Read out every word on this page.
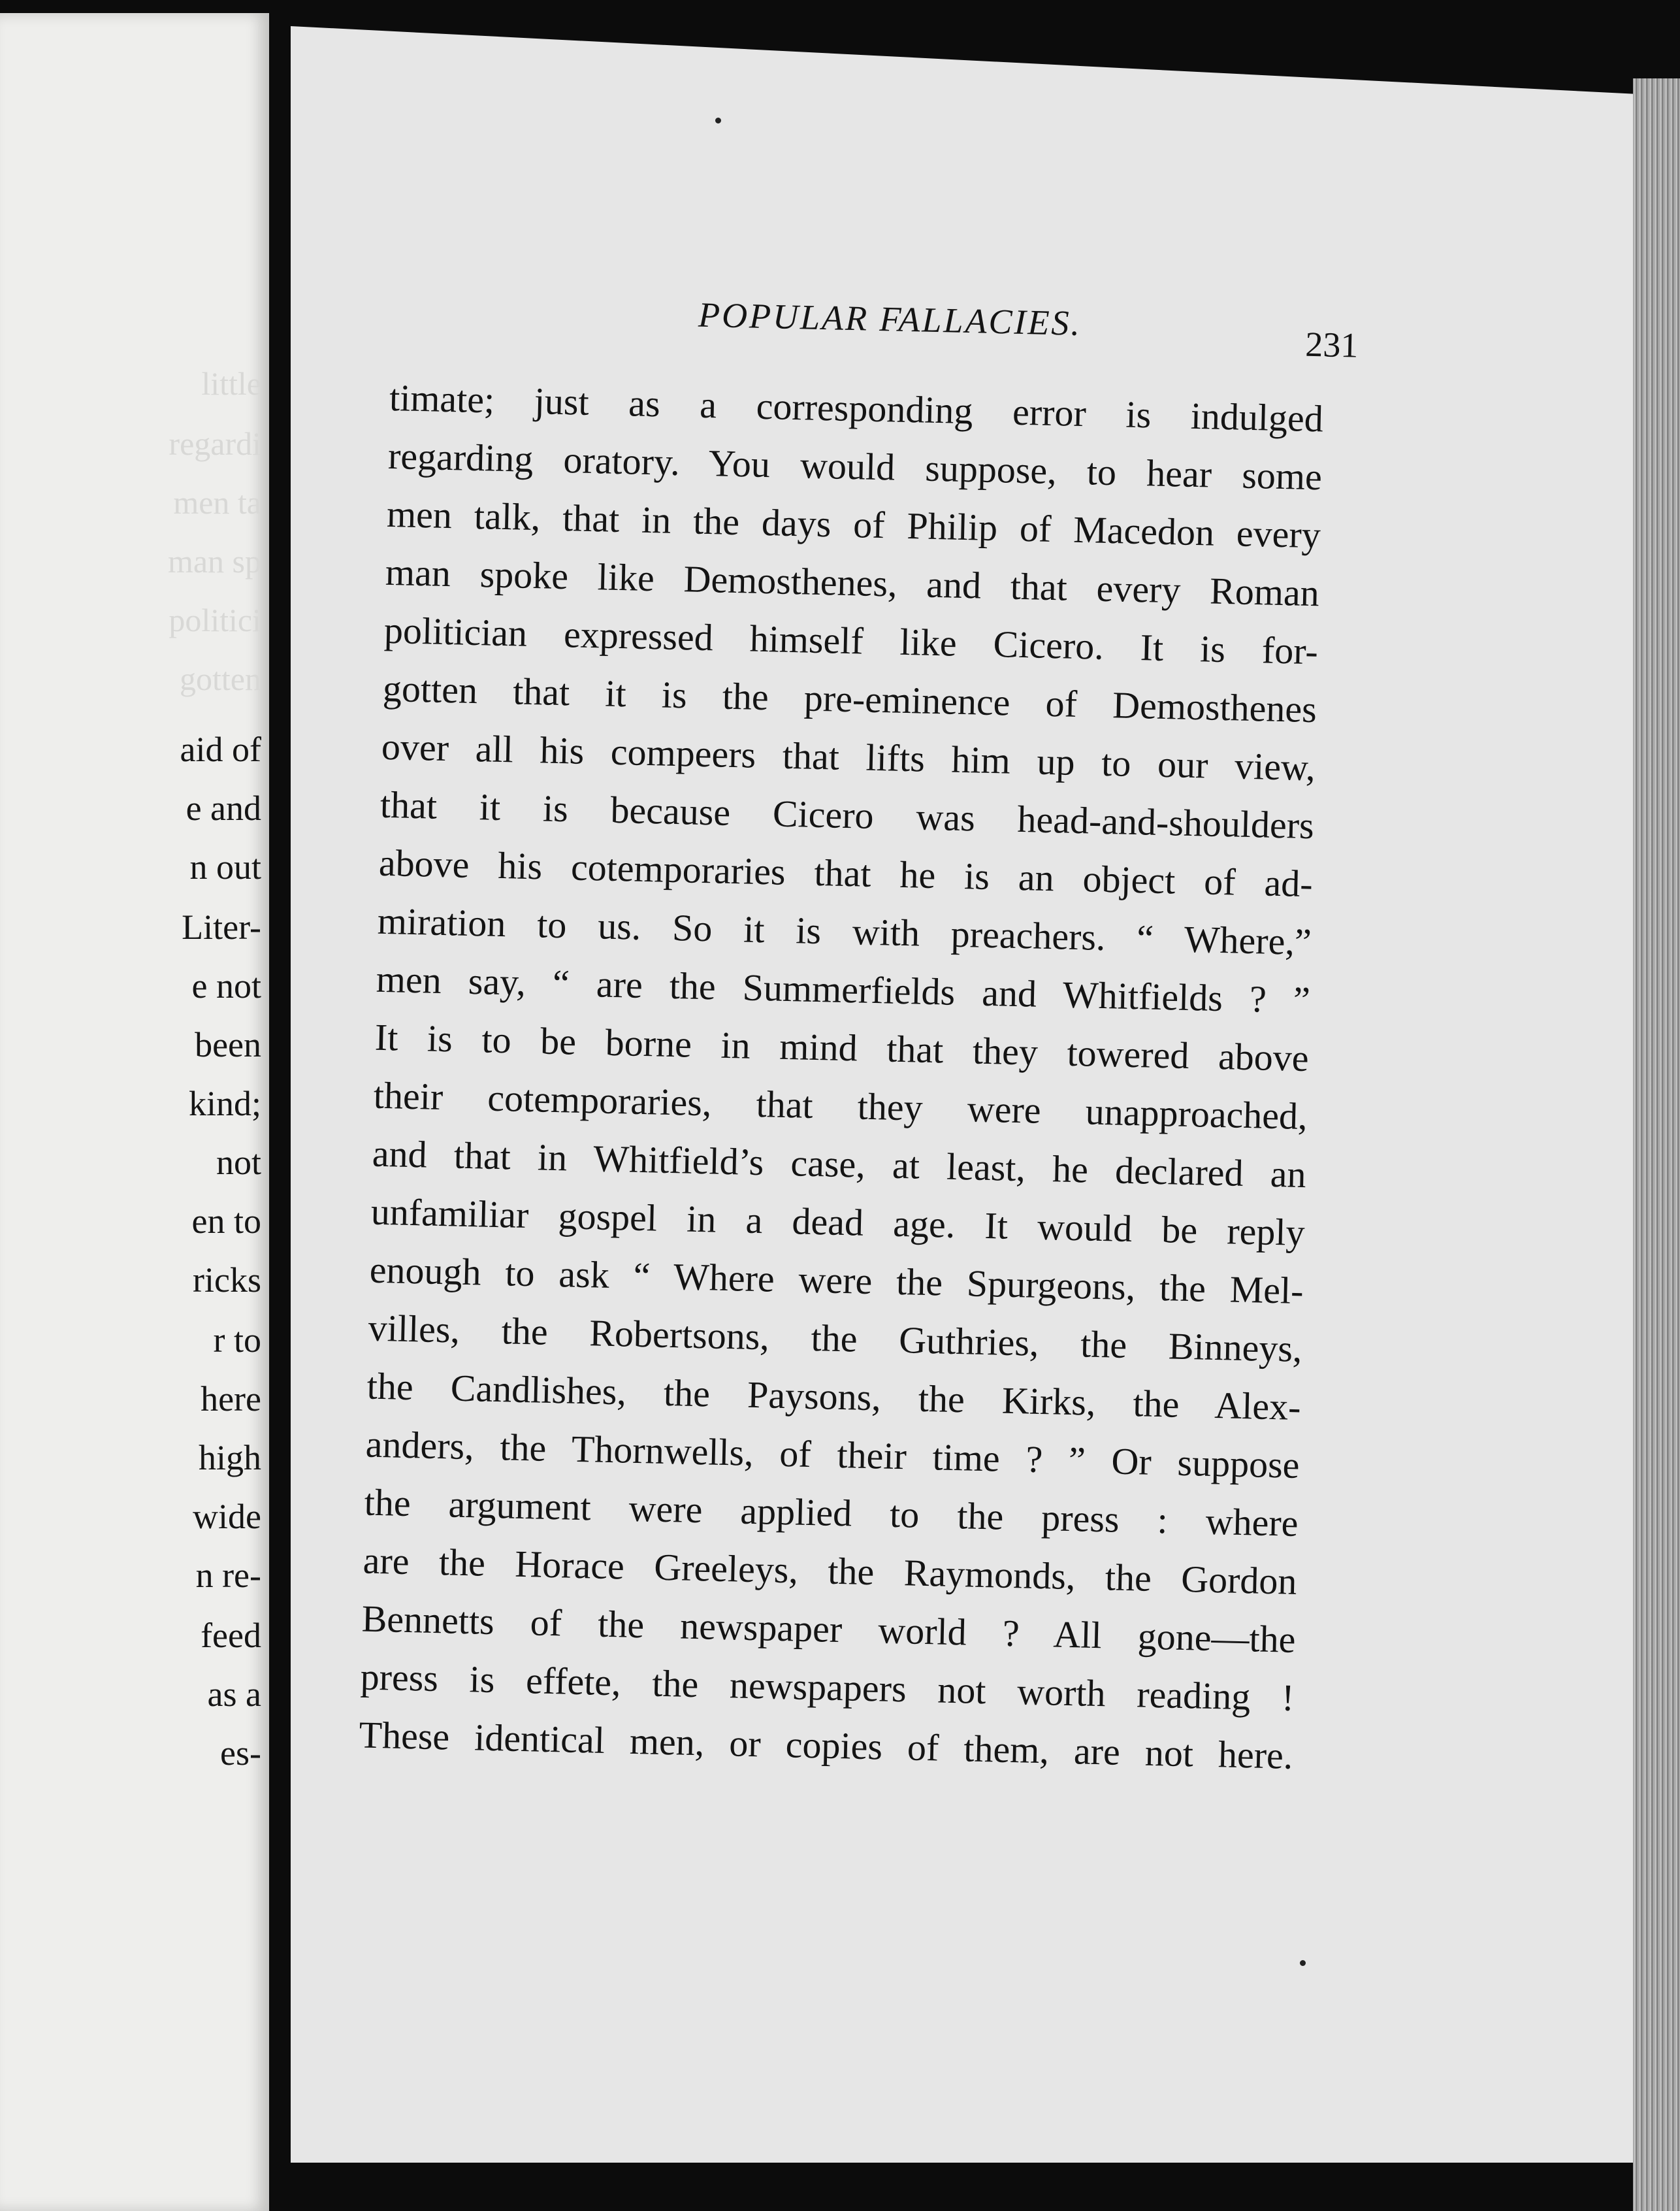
little
regardi
men ta
man sp
politici
gotten
aid of
e and
n out
Liter-
e not
been
kind;
not
en to
ricks
r to
here
high
wide
n re-
feed
as a
es-
POPULAR FALLACIES.
231
timate; just as a corresponding error is indulged
regarding oratory. You would suppose, to hear some
men talk, that in the days of Philip of Macedon every
man spoke like Demosthenes, and that every Roman
politician expressed himself like Cicero. It is for-
gotten that it is the pre-eminence of Demosthenes
over all his compeers that lifts him up to our view,
that it is because Cicero was head-and-shoulders
above his cotemporaries that he is an object of ad-
miration to us. So it is with preachers. “ Where,”
men say, “ are the Summerfields and Whitfields ? ”
It is to be borne in mind that they towered above
their cotemporaries, that they were unapproached,
and that in Whitfield’s case, at least, he declared an
unfamiliar gospel in a dead age. It would be reply
enough to ask “ Where were the Spurgeons, the Mel-
villes, the Robertsons, the Guthries, the Binneys,
the Candlishes, the Paysons, the Kirks, the Alex-
anders, the Thornwells, of their time ? ” Or suppose
the argument were applied to the press : where
are the Horace Greeleys, the Raymonds, the Gordon
Bennetts of the newspaper world ? All gone—the
press is effete, the newspapers not worth reading !
These identical men, or copies of them, are not here.
